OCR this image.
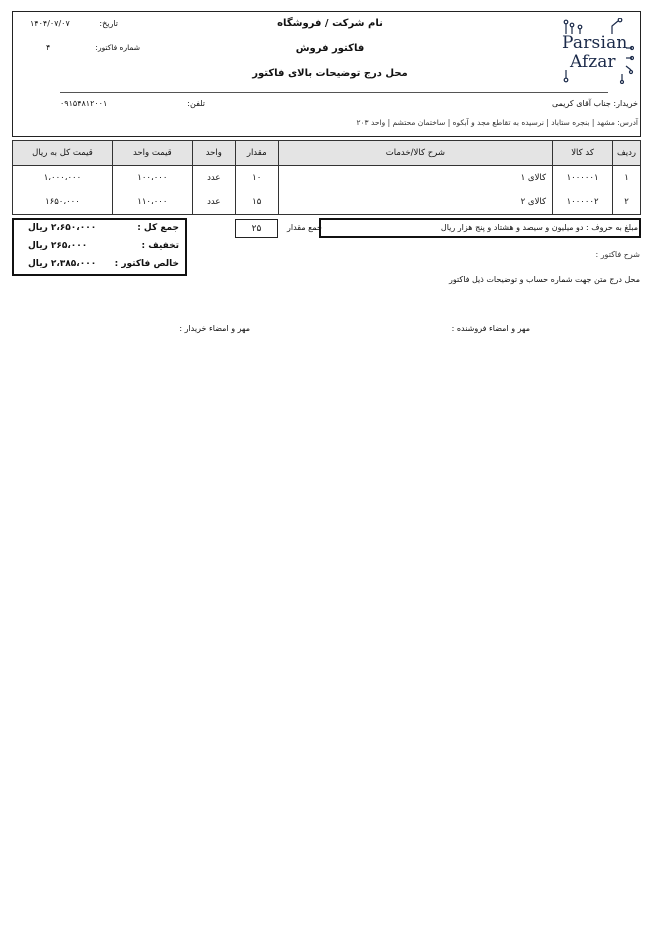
نام شرکت / فروشگاه
فاکتور فروش
محل درج توضیحات بالای فاکتور
تاریخ:
۱۴۰۴/۰۷/۰۷
شماره فاکتور:
۴	Parsian
Afzar
خریدار: جناب آقای کریمی
تلفن:
۰۹۱۵۴۸۱۲۰۰۱
آدرس: مشهد | بنجره ستاباد | نرسیده به تقاطع مجد و آبکوه | ساختمان محتشم | واحد ۲۰۳
ردیف	کد کالا	شرح کالا/خدمات	مقدار	واحد	قیمت واحد	قیمت کل به ریال
۱	۱۰۰۰۰۰۱	کالای ۱	۱۰	عدد	۱۰۰،۰۰۰	۱،۰۰۰،۰۰۰
۲	۱۰۰۰۰۰۲	کالای ۲	۱۵	عدد	۱۱۰،۰۰۰	۱۶۵۰،۰۰۰
جمع کل :
۲،۶۵۰،۰۰۰ ریال
تخفیف :
۲۶۵،۰۰۰ ریال
خالص فاکتور :
۲،۳۸۵،۰۰۰ ریال
جمع مقدار
۲۵	مبلغ به حروف : دو میلیون و سیصد و هشتاد و پنج هزار ریال
شرح فاکتور :
محل درج متن جهت شماره حساب و توضیحات ذیل فاکتور
مهر و امضاء فروشنده :
مهر و امضاء خریدار :
